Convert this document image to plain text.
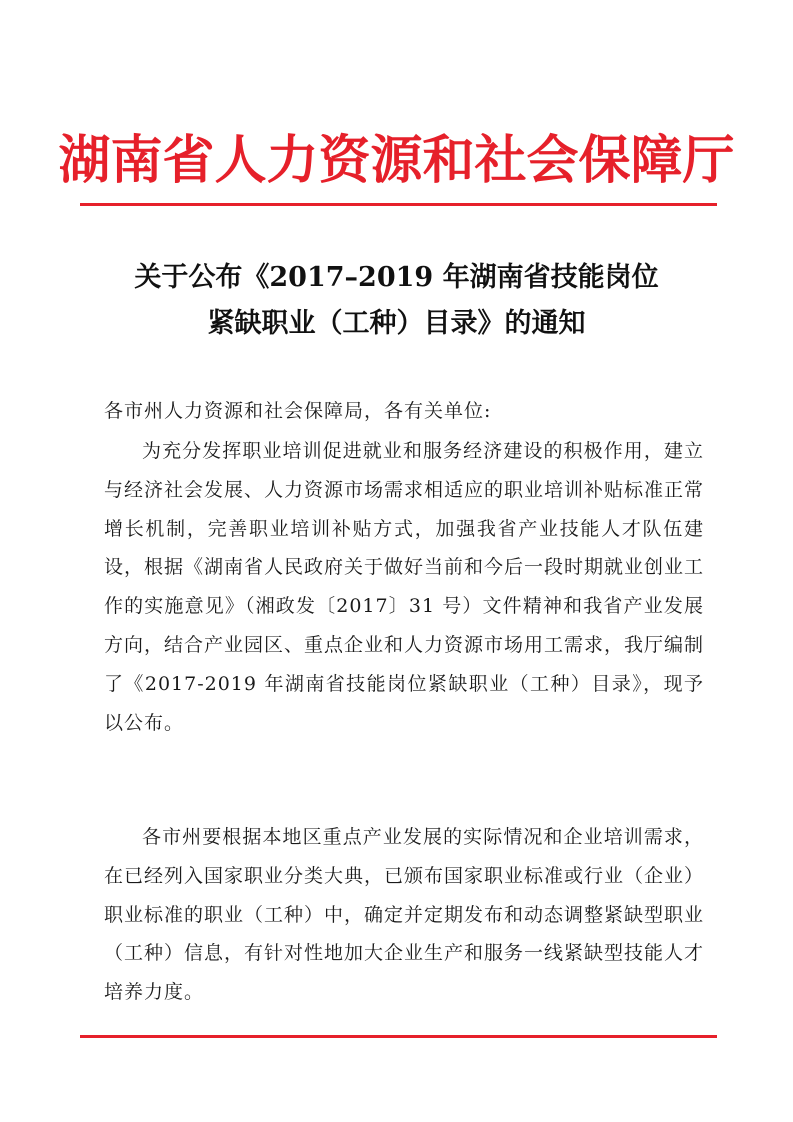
湖南省人力资源和社会保障厅
关于公布《2017–2019 年湖南省技能岗位
紧缺职业（工种）目录》的通知
各市州人力资源和社会保障局，各有关单位:
为充分发挥职业培训促进就业和服务经济建设的积极作用，建立与经济社会发展、人力资源市场需求相适应的职业培训补贴标准正常增长机制，完善职业培训补贴方式，加强我省产业技能人才队伍建设，根据《湖南省人民政府关于做好当前和今后一段时期就业创业工作的实施意见》（湘政发〔2017〕31 号）文件精神和我省产业发展方向，结合产业园区、重点企业和人力资源市场用工需求，我厅编制了《2017-2019 年湖南省技能岗位紧缺职业（工种）目录》，现予以公布。
各市州要根据本地区重点产业发展的实际情况和企业培训需求，在已经列入国家职业分类大典，已颁布国家职业标准或行业（企业）职业标准的职业（工种）中，确定并定期发布和动态调整紧缺型职业（工种）信息，有针对性地加大企业生产和服务一线紧缺型技能人才培养力度。
